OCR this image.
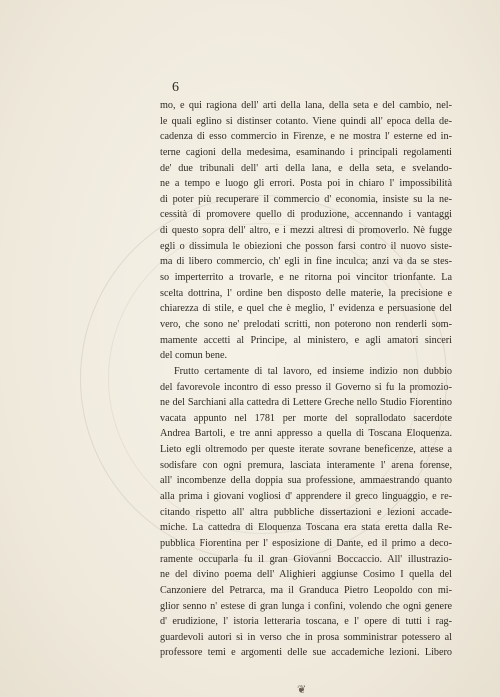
6
mo, e qui ragiona dell' arti della lana, della seta e del cambio, nel-
le quali eglino si distinser cotanto. Viene quindi all' epoca della de-
cadenza di esso commercio in Firenze, e ne mostra l' esterne ed in-
terne cagioni della medesima, esaminando i principali regolamenti
de' due tribunali dell' arti della lana, e della seta, e svelando-
ne a tempo e luogo gli errori. Posta poi in chiaro l' impossibilità
di poter più recuperare il commercio d' economia, insiste su la ne-
cessità di promovere quello di produzione, accennando i vantaggi
di questo sopra dell' altro, e i mezzi altresì di promoverlo. Nè fugge
egli o dissimula le obiezioni che posson farsi contro il nuovo siste-
ma di libero commercio, ch' egli in fine inculca; anzi va da se stes-
so imperterrito a trovarle, e ne ritorna poi vincitor trionfante. La
scelta dottrina, l' ordine ben disposto delle materie, la precisione e
chiarezza di stile, e quel che è meglio, l' evidenza e persuasione del
vero, che sono ne' prelodati scritti, non poterono non renderli som-
mamente accetti al Principe, al ministero, e agli amatori sinceri
del comun bene.
Frutto certamente di tal lavoro, ed insieme indizio non dubbio
del favorevole incontro di esso presso il Governo si fu la promozio-
ne del Sarchiani alla cattedra di Lettere Greche nello Studio Fiorentino
vacata appunto nel 1781 per morte del soprallodato sacerdote
Andrea Bartoli, e tre anni appresso a quella di Toscana Eloquenza.
Lieto egli oltremodo per queste iterate sovrane beneficenze, attese a
sodisfare con ogni premura, lasciata interamente l' arena forense,
all' incombenze della doppia sua professione, ammaestrando quanto
alla prima i giovani vogliosi d' apprendere il greco linguaggio, e re-
citando rispetto all' altra pubbliche dissertazioni e lezioni accade-
miche. La cattedra di Eloquenza Toscana era stata eretta dalla Re-
pubblica Fiorentina per l' esposizione di Dante, ed il primo a deco-
ramente occuparla fu il gran Giovanni Boccaccio. All' illustrazio-
ne del divino poema dell' Alighieri aggiunse Cosimo I quella del
Canzoniere del Petrarca, ma il Granduca Pietro Leopoldo con mi-
glior senno n' estese di gran lunga i confini, volendo che ogni genere
d' erudizione, l' istoria letteraria toscana, e l' opere di tutti i rag-
guardevoli autori sì in verso che in prosa somministrar potessero al
professore temi e argomenti delle sue accademiche lezioni. Libero
❦
